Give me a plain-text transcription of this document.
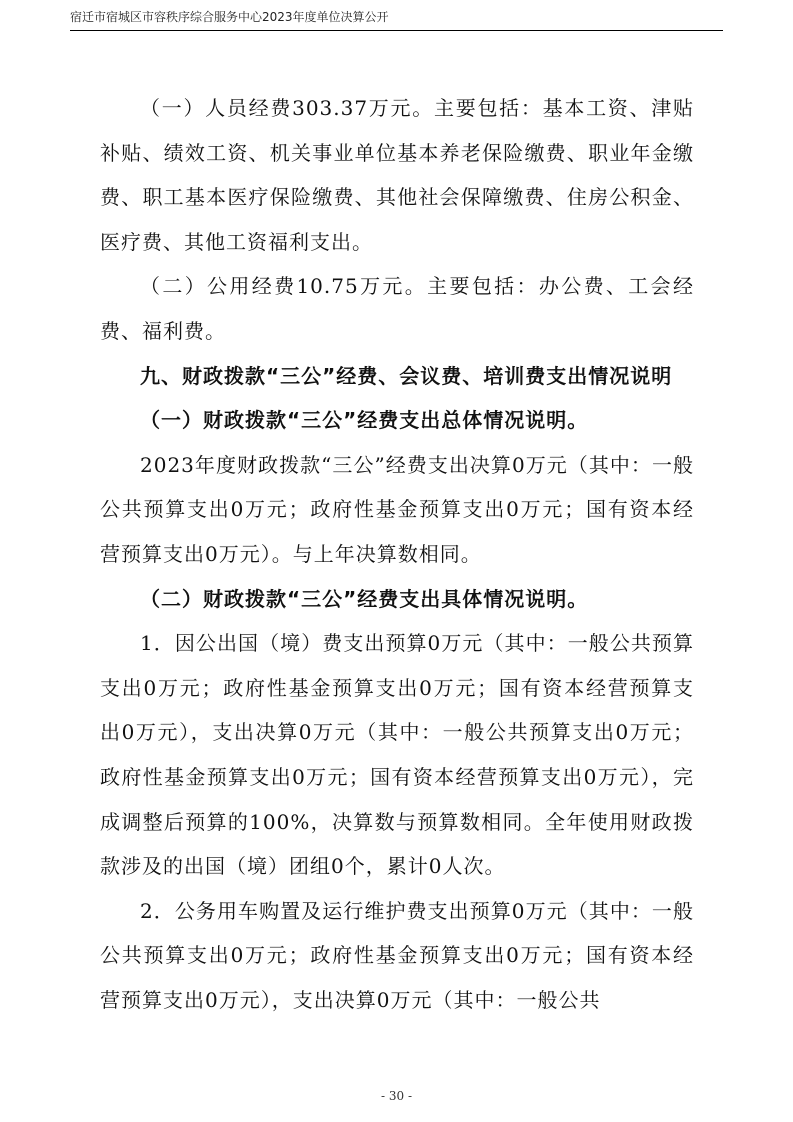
宿迁市宿城区市容秩序综合服务中心2023年度单位决算公开

（一）人员经费303.37万元。主要包括：基本工资、津贴补贴、绩效工资、机关事业单位基本养老保险缴费、职业年金缴费、职工基本医疗保险缴费、其他社会保障缴费、住房公积金、医疗费、其他工资福利支出。

（二）公用经费10.75万元。主要包括：办公费、工会经费、福利费。

九、财政拨款“三公”经费、会议费、培训费支出情况说明

（一）财政拨款“三公”经费支出总体情况说明。

2023年度财政拨款“三公”经费支出决算0万元（其中：一般公共预算支出0万元；政府性基金预算支出0万元；国有资本经营预算支出0万元）。与上年决算数相同。

（二）财政拨款“三公”经费支出具体情况说明。

1．因公出国（境）费支出预算0万元（其中：一般公共预算支出0万元；政府性基金预算支出0万元；国有资本经营预算支出0万元），支出决算0万元（其中：一般公共预算支出0万元；政府性基金预算支出0万元；国有资本经营预算支出0万元），完成调整后预算的100%，决算数与预算数相同。全年使用财政拨款涉及的出国（境）团组0个，累计0人次。

2．公务用车购置及运行维护费支出预算0万元（其中：一般公共预算支出0万元；政府性基金预算支出0万元；国有资本经营预算支出0万元），支出决算0万元（其中：一般公共

- 30 -
